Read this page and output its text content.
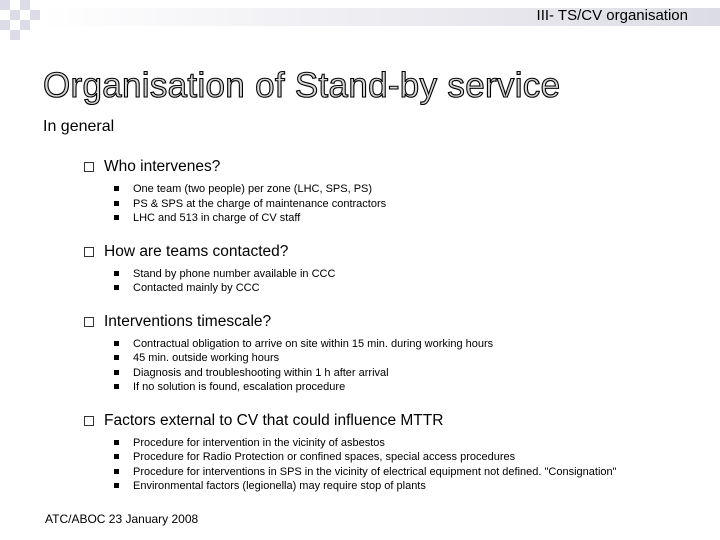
III- TS/CV organisation
Organisation of Stand-by service
In general
Who intervenes?
One team (two people) per zone (LHC, SPS, PS)
PS & SPS at the charge of maintenance contractors
LHC and 513 in charge of CV staff
How are teams contacted?
Stand by phone number available in CCC
Contacted mainly by CCC
Interventions timescale?
Contractual obligation to arrive on site within 15 min. during working hours
45 min. outside working hours
Diagnosis and troubleshooting within 1 h after arrival
If no solution is found, escalation procedure
Factors external to CV that could influence MTTR
Procedure for intervention in the vicinity of asbestos
Procedure for Radio Protection or confined spaces, special access procedures
Procedure for interventions in SPS in the vicinity of electrical equipment not defined. "Consignation"
Environmental factors (legionella) may require stop of plants
ATC/ABOC 23 January 2008
